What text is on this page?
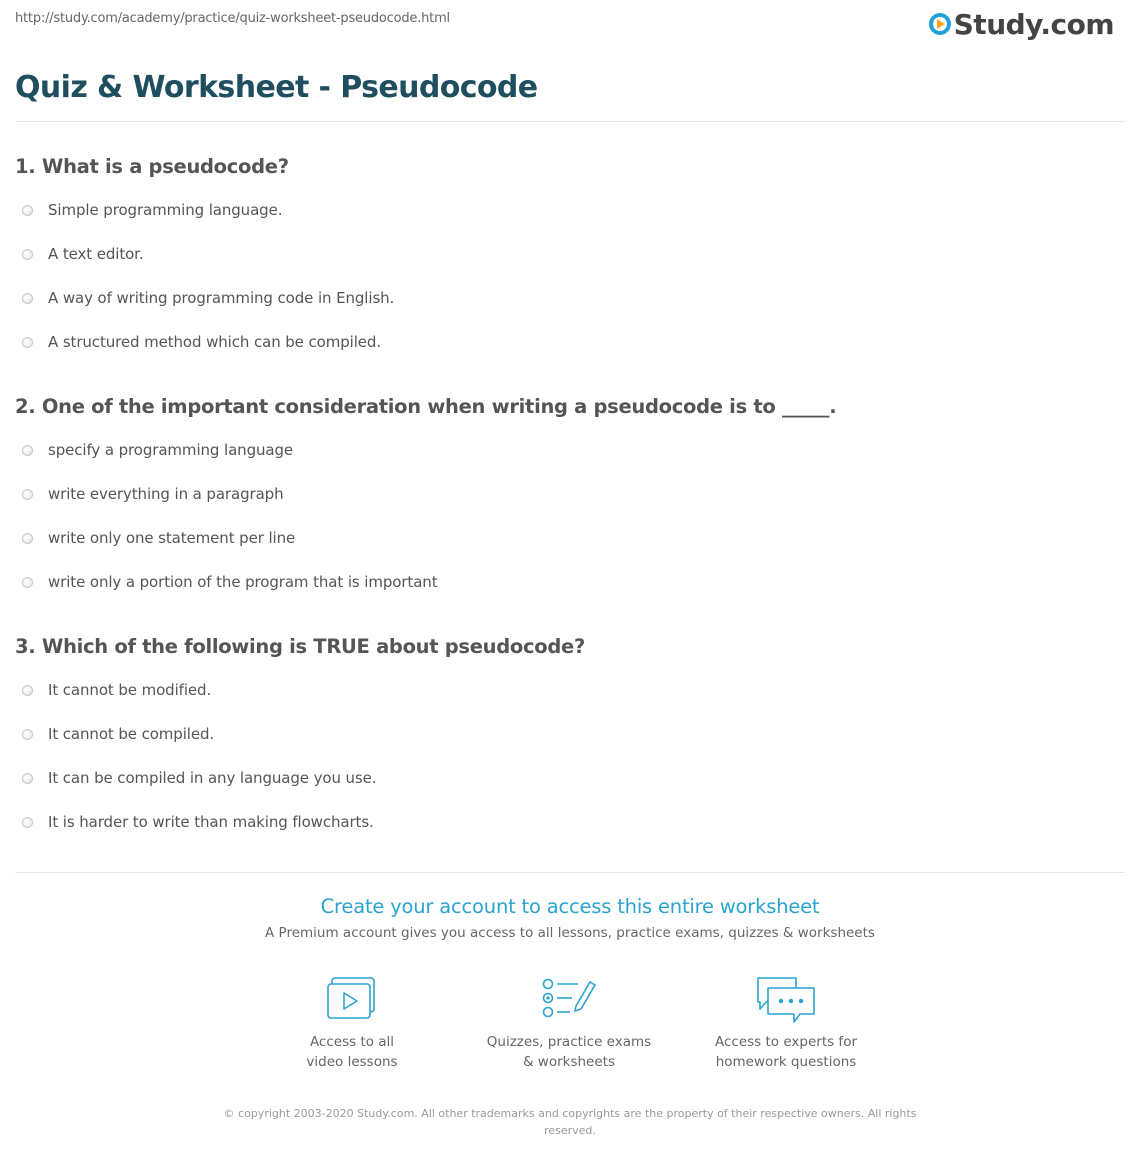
http://study.com/academy/practice/quiz-worksheet-pseudocode.html	Study.com
Quiz & Worksheet - Pseudocode
1. What is a pseudocode?
Simple programming language.
A text editor.
A way of writing programming code in English.
A structured method which can be compiled.
2. One of the important consideration when writing a pseudocode is to _____.
specify a programming language
write everything in a paragraph
write only one statement per line
write only a portion of the program that is important
3. Which of the following is TRUE about pseudocode?
It cannot be modified.
It cannot be compiled.
It can be compiled in any language you use.
It is harder to write than making flowcharts.
Create your account to access this entire worksheet
A Premium account gives you access to all lessons, practice exams, quizzes & worksheets
Access to all
video lessons
Quizzes, practice exams
& worksheets
Access to experts for
homework questions
© copyright 2003-2020 Study.com. All other trademarks and copyrights are the property of their respective owners. All rights reserved.
